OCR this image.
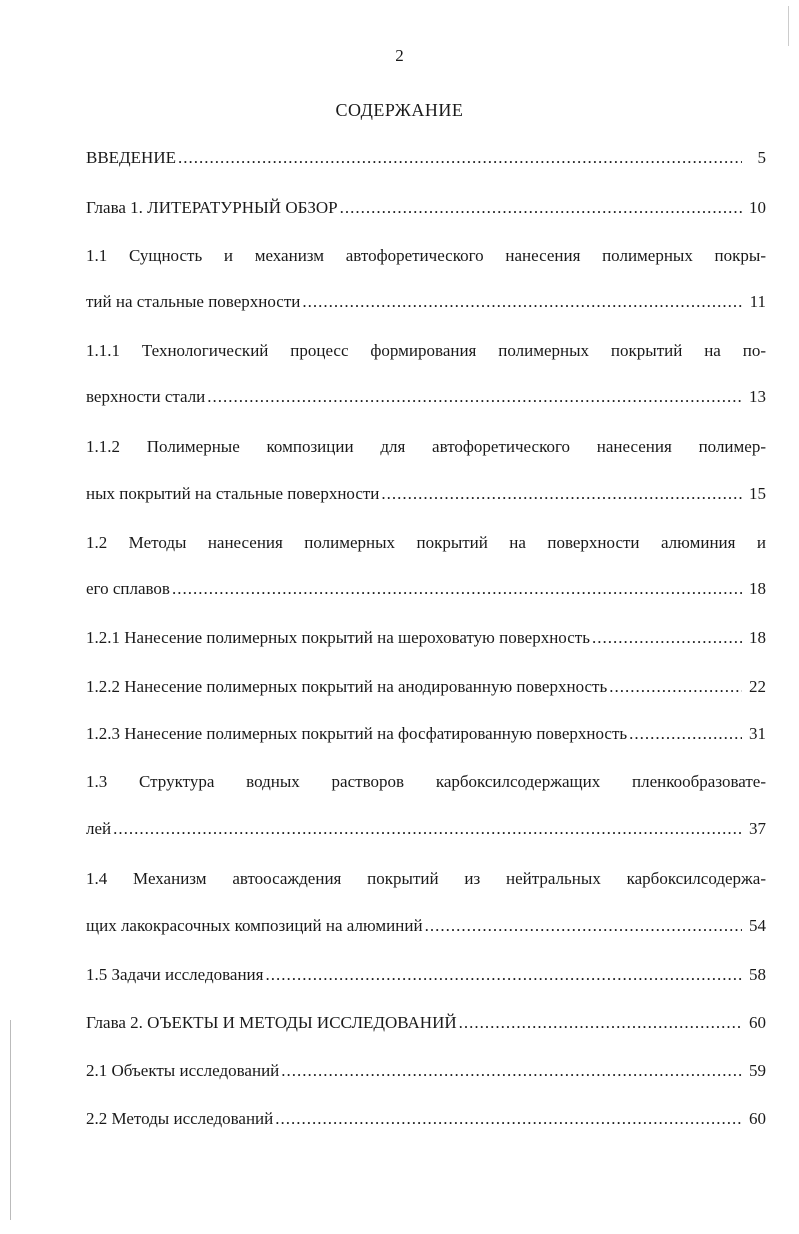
2
СОДЕРЖАНИЕ
ВВЕДЕНИЕ .....	5
Глава 1. ЛИТЕРАТУРНЫЙ ОБЗОР .....	10
1.1 Сущность и механизм автофоретического нанесения полимерных покры-
тий на стальные поверхности .....	11
1.1.1 Технологический процесс формирования полимерных покрытий на по-
верхности стали .....	13
1.1.2 Полимерные композиции для автофоретического нанесения полимер-
ных покрытий на стальные поверхности .....	15
1.2 Методы нанесения полимерных покрытий на поверхности алюминия и
его сплавов .....	18
1.2.1 Нанесение полимерных покрытий на шероховатую поверхность .....	18
1.2.2 Нанесение полимерных покрытий на анодированную поверхность .....	22
1.2.3 Нанесение полимерных покрытий на фосфатированную поверхность .....	31
1.3 Структура водных растворов карбоксилсодержащих пленкообразовате-
лей .....	37
1.4 Механизм автоосаждения покрытий из нейтральных карбоксилсодержа-
щих лакокрасочных композиций на алюминий .....	54
1.5 Задачи исследования .....	58
Глава 2. ОЪЕКТЫ И МЕТОДЫ ИССЛЕДОВАНИЙ .....	60
2.1 Объекты исследований .....	59
2.2 Методы исследований .....	60
